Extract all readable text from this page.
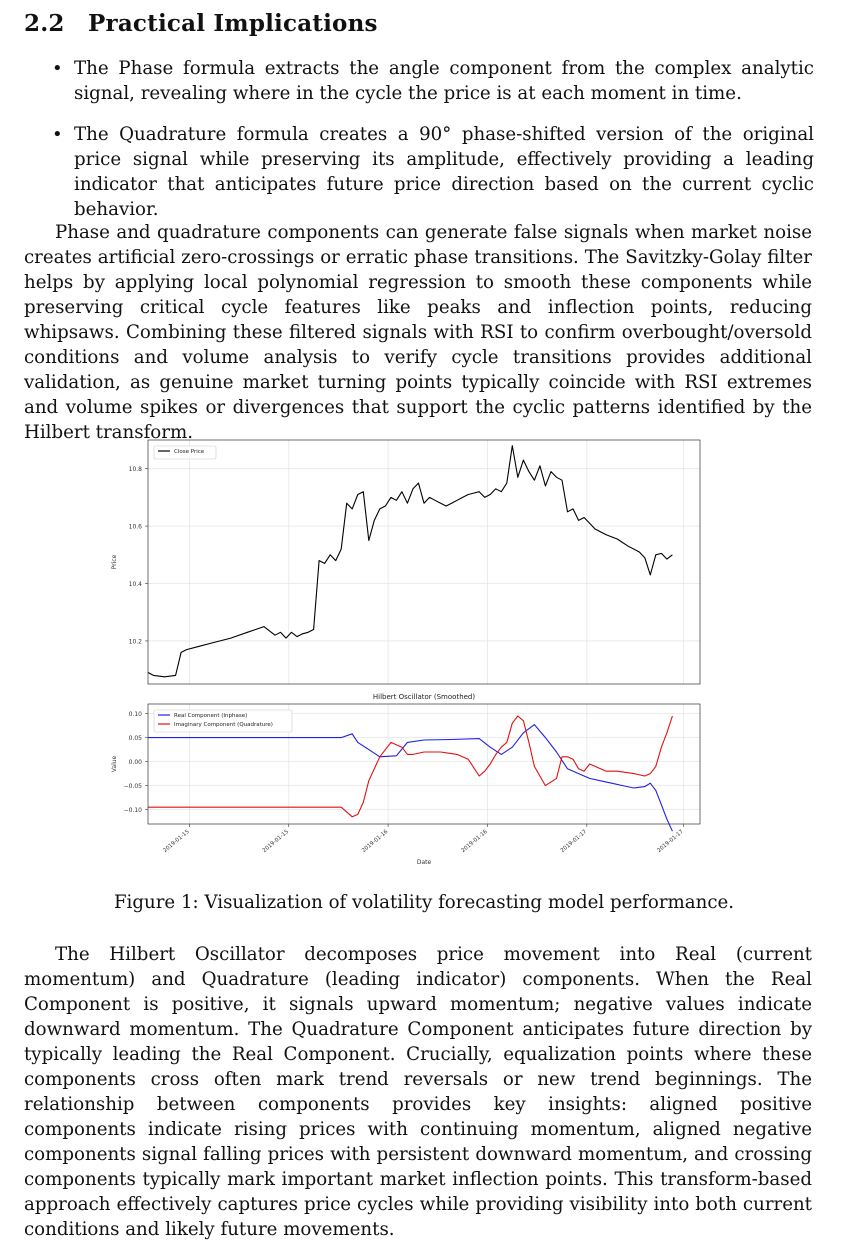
2.2 Practical Implications
• The Phase formula extracts the angle component from the complex analytic signal, revealing where in the cycle the price is at each moment in time.
• The Quadrature formula creates a 90° phase-shifted version of the original price signal while preserving its amplitude, effectively providing a leading indicator that anticipates future price direction based on the current cyclic behavior.

Phase and quadrature components can generate false signals when market noise creates artificial zero-crossings or erratic phase transitions. The Savitzky-Golay filter helps by applying local polynomial regression to smooth these components while preserving critical cycle features like peaks and inflection points, reducing whipsaws. Combining these filtered signals with RSI to confirm overbought/oversold conditions and volume analysis to verify cycle transitions provides additional validation, as genuine market turning points typically coincide with RSI extremes and volume spikes or divergences that support the cyclic patterns identified by the Hilbert transform.

10.2
10.4
10.6
10.8
Price
Close Price
−0.10
−0.05
0.00
0.05
0.10
Value
Hilbert Oscillator (Smoothed)
Real Component (Inphase)
Imaginary Component (Quadrature)
2019-01-15	2019-01-15	2019-01-16	2019-01-16	2019-01-17	2019-01-17
Date
Figure 1: Visualization of volatility forecasting model performance.

The Hilbert Oscillator decomposes price movement into Real (current momentum) and Quadrature (leading indicator) components. When the Real Component is positive, it signals upward momentum; negative values indicate downward momentum. The Quadrature Component anticipates future direction by typically leading the Real Component. Crucially, equalization points where these components cross often mark trend reversals or new trend beginnings. The relationship between components provides key insights: aligned positive components indicate rising prices with continuing momentum, aligned negative components signal falling prices with persistent downward momentum, and crossing components typically mark important market inflection points. This transform-based approach effectively captures price cycles while providing visibility into both current conditions and likely future movements.
